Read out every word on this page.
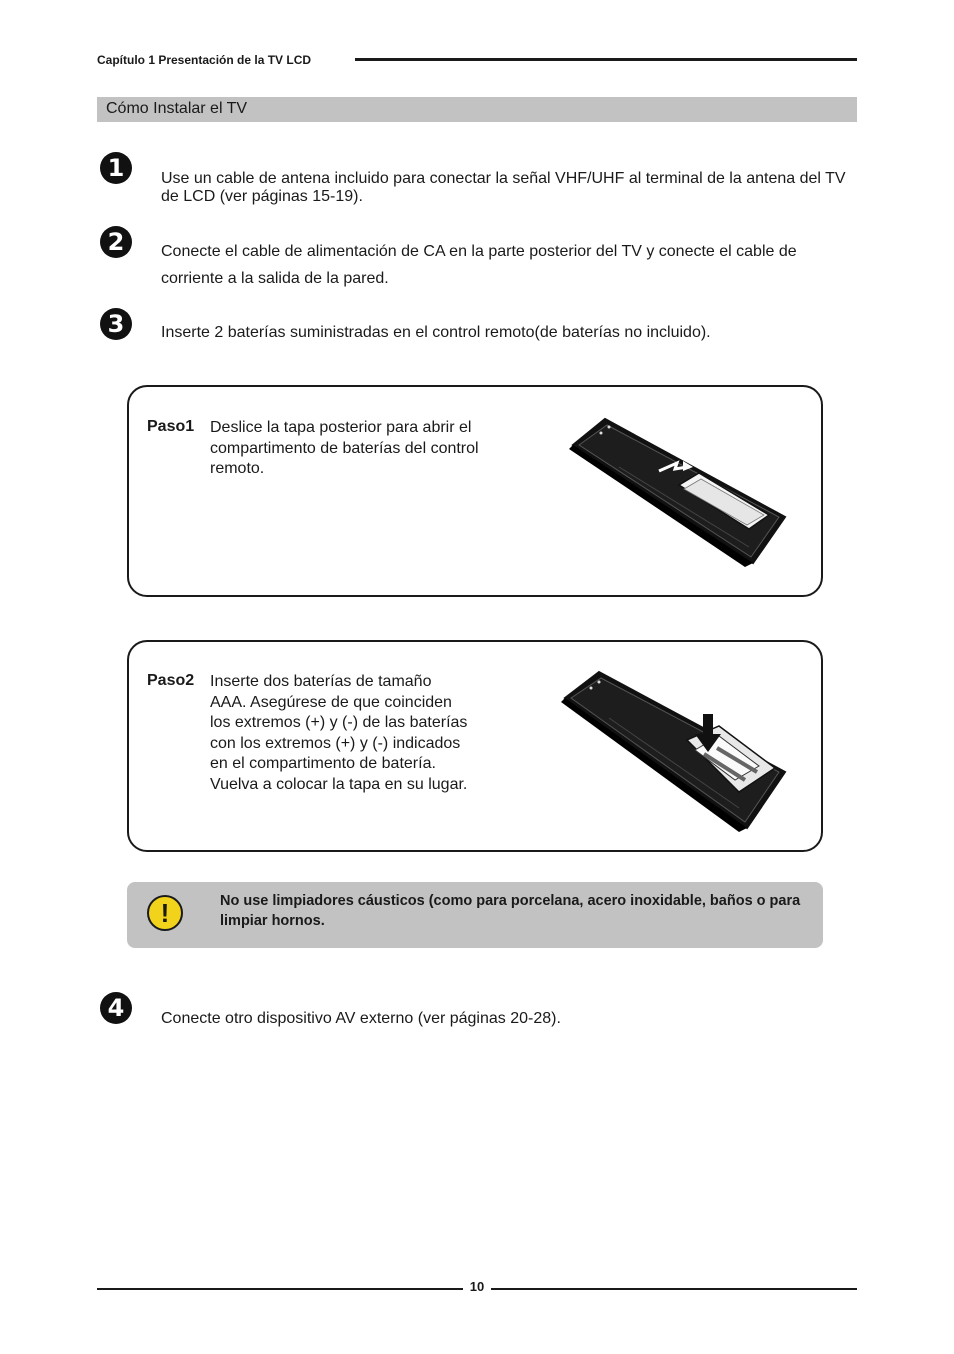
Capítulo 1 Presentación de la TV LCD
Cómo Instalar el TV
1	Use un cable de antena incluido para conectar la señal VHF/UHF al terminal de la antena del TV de LCD (ver páginas 15-19).
2	Conecte el cable de alimentación de CA en la parte posterior del TV y conecte el cable de corriente a la salida de la pared.
3	Inserte 2 baterías suministradas en el control remoto(de baterías no incluido).
Paso1 Deslice la tapa posterior para abrir el compartimento de baterías del control remoto.
Paso2 Inserte dos baterías de tamaño AAA. Asegúrese de que coinciden los extremos (+) y (-) de las baterías con los extremos (+) y (-) indicados en el compartimento de batería. Vuelva a colocar la tapa en su lugar.
!	No use limpiadores cáusticos (como para porcelana, acero inoxidable, baños o para limpiar hornos.
4	Conecte otro dispositivo AV externo (ver páginas 20-28).
10
